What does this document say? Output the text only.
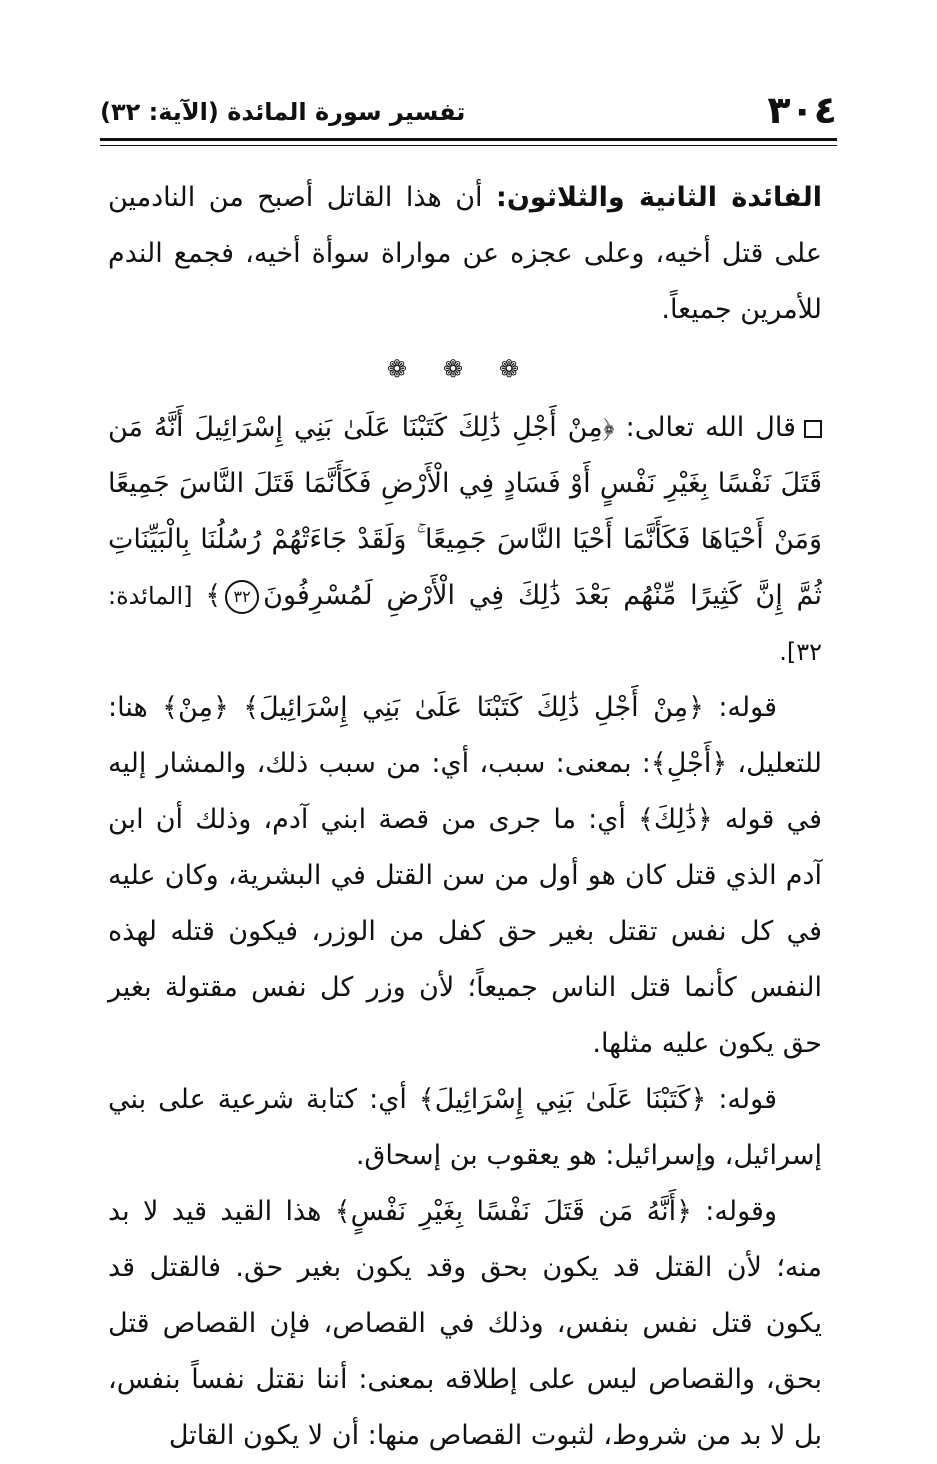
٣٠٤
تفسير سورة المائدة (الآية: ٣٢)

الفائدة الثانية والثلاثون: أن هذا القاتل أصبح من النادمين على قتل أخيه، وعلى عجزه عن مواراة سوأة أخيه، فجمع الندم للأمرين جميعاً.

❁❁❁

قال الله تعالى: ﴿مِنْ أَجْلِ ذَٰلِكَ كَتَبْنَا عَلَىٰ بَنِي إِسْرَائِيلَ أَنَّهُ مَن قَتَلَ نَفْسًا بِغَيْرِ نَفْسٍ أَوْ فَسَادٍ فِي الْأَرْضِ فَكَأَنَّمَا قَتَلَ النَّاسَ جَمِيعًا وَمَنْ أَحْيَاهَا فَكَأَنَّمَا أَحْيَا النَّاسَ جَمِيعًا ۚ وَلَقَدْ جَاءَتْهُمْ رُسُلُنَا بِالْبَيِّنَاتِ ثُمَّ إِنَّ كَثِيرًا مِّنْهُم بَعْدَ ذَٰلِكَ فِي الْأَرْضِ لَمُسْرِفُونَ٣٢﴾ [المائدة: ٣٢].

قوله: ﴿مِنْ أَجْلِ ذَٰلِكَ كَتَبْنَا عَلَىٰ بَنِي إِسْرَائِيلَ﴾ ﴿مِنْ﴾ هنا: للتعليل، ﴿أَجْلِ﴾: بمعنى: سبب، أي: من سبب ذلك، والمشار إليه في قوله ﴿ذَٰلِكَ﴾ أي: ما جرى من قصة ابني آدم، وذلك أن ابن آدم الذي قتل كان هو أول من سن القتل في البشرية، وكان عليه في كل نفس تقتل بغير حق كفل من الوزر، فيكون قتله لهذه النفس كأنما قتل الناس جميعاً؛ لأن وزر كل نفس مقتولة بغير حق يكون عليه مثلها.

قوله: ﴿كَتَبْنَا عَلَىٰ بَنِي إِسْرَائِيلَ﴾ أي: كتابة شرعية على بني إسرائيل، وإسرائيل: هو يعقوب بن إسحاق.

وقوله: ﴿أَنَّهُ مَن قَتَلَ نَفْسًا بِغَيْرِ نَفْسٍ﴾ هذا القيد قيد لا بد منه؛ لأن القتل قد يكون بحق وقد يكون بغير حق. فالقتل قد يكون قتل نفس بنفس، وذلك في القصاص، فإن القصاص قتل بحق، والقصاص ليس على إطلاقه بمعنى: أننا نقتل نفساً بنفس، بل لا بد من شروط، لثبوت القصاص منها: أن لا يكون القاتل
